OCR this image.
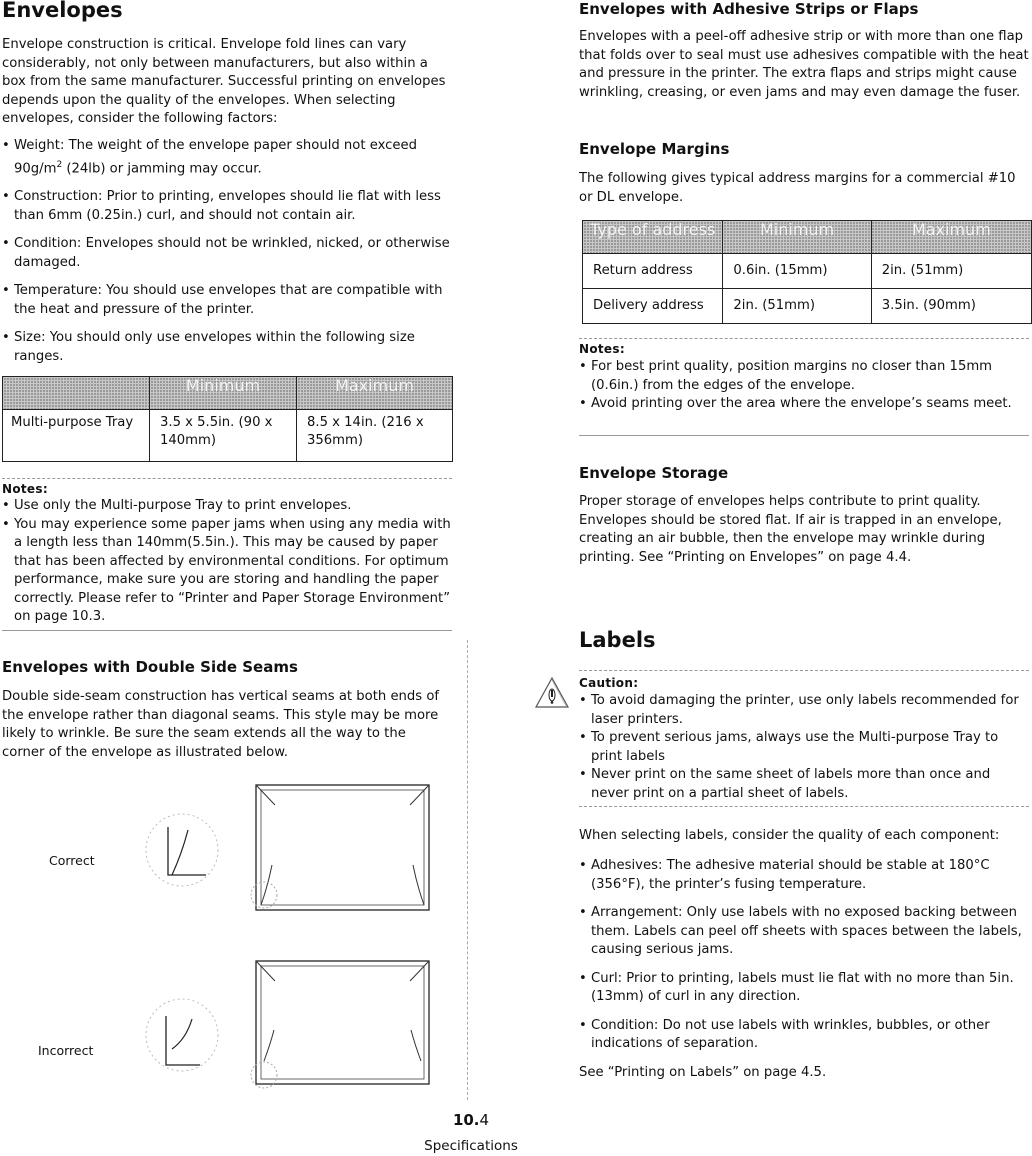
Envelopes

Envelope construction is critical. Envelope fold lines can vary considerably, not only between manufacturers, but also within a box from the same manufacturer. Successful printing on envelopes depends upon the quality of the envelopes. When selecting envelopes, consider the following factors:

• Weight: The weight of the envelope paper should not exceed $90g/m^2$ (24lb) or jamming may occur.
• Construction: Prior to printing, envelopes should lie flat with less than 6mm (0.25in.) curl, and should not contain air.
• Condition: Envelopes should not be wrinkled, nicked, or otherwise damaged.
• Temperature: You should use envelopes that are compatible with the heat and pressure of the printer.
• Size: You should only use envelopes within the following size ranges.
	Minimum	Maximum
Multi-purpose Tray	3.5 x 5.5in. (90 x 140mm)	8.5 x 14in. (216 x 356mm)
Notes:
• Use only the Multi-purpose Tray to print envelopes.
• You may experience some paper jams when using any media with a length less than 140mm(5.5in.). This may be caused by paper that has been affected by environmental conditions. For optimum performance, make sure you are storing and handling the paper correctly. Please refer to “Printer and Paper Storage Environment” on page 10.3.
Envelopes with Double Side Seams

Double side-seam construction has vertical seams at both ends of the envelope rather than diagonal seams. This style may be more likely to wrinkle. Be sure the seam extends all the way to the corner of the envelope as illustrated below.

Correct
Incorrect
Envelopes with Adhesive Strips or Flaps

Envelopes with a peel-off adhesive strip or with more than one flap that folds over to seal must use adhesives compatible with the heat and pressure in the printer. The extra flaps and strips might cause wrinkling, creasing, or even jams and may even damage the fuser.

Envelope Margins

The following gives typical address margins for a commercial #10 or DL envelope.

Type of address	Minimum	Maximum
Return address	0.6in. (15mm)	2in. (51mm)
Delivery address	2in. (51mm)	3.5in. (90mm)
Notes:
• For best print quality, position margins no closer than 15mm (0.6in.) from the edges of the envelope.
• Avoid printing over the area where the envelope’s seams meet.
Envelope Storage

Proper storage of envelopes helps contribute to print quality. Envelopes should be stored flat. If air is trapped in an envelope, creating an air bubble, then the envelope may wrinkle during printing. See “Printing on Envelopes” on page 4.4.

Labels
Caution:
• To avoid damaging the printer, use only labels recommended for laser printers.
• To prevent serious jams, always use the Multi-purpose Tray to print labels
• Never print on the same sheet of labels more than once and never print on a partial sheet of labels.

When selecting labels, consider the quality of each component:

• Adhesives: The adhesive material should be stable at 180°C (356°F), the printer’s fusing temperature.
• Arrangement: Only use labels with no exposed backing between them. Labels can peel off sheets with spaces between the labels, causing serious jams.
• Curl: Prior to printing, labels must lie flat with no more than 5in. (13mm) of curl in any direction.
• Condition: Do not use labels with wrinkles, bubbles, or other indications of separation.

See “Printing on Labels” on page 4.5.

10.4
Specifications
